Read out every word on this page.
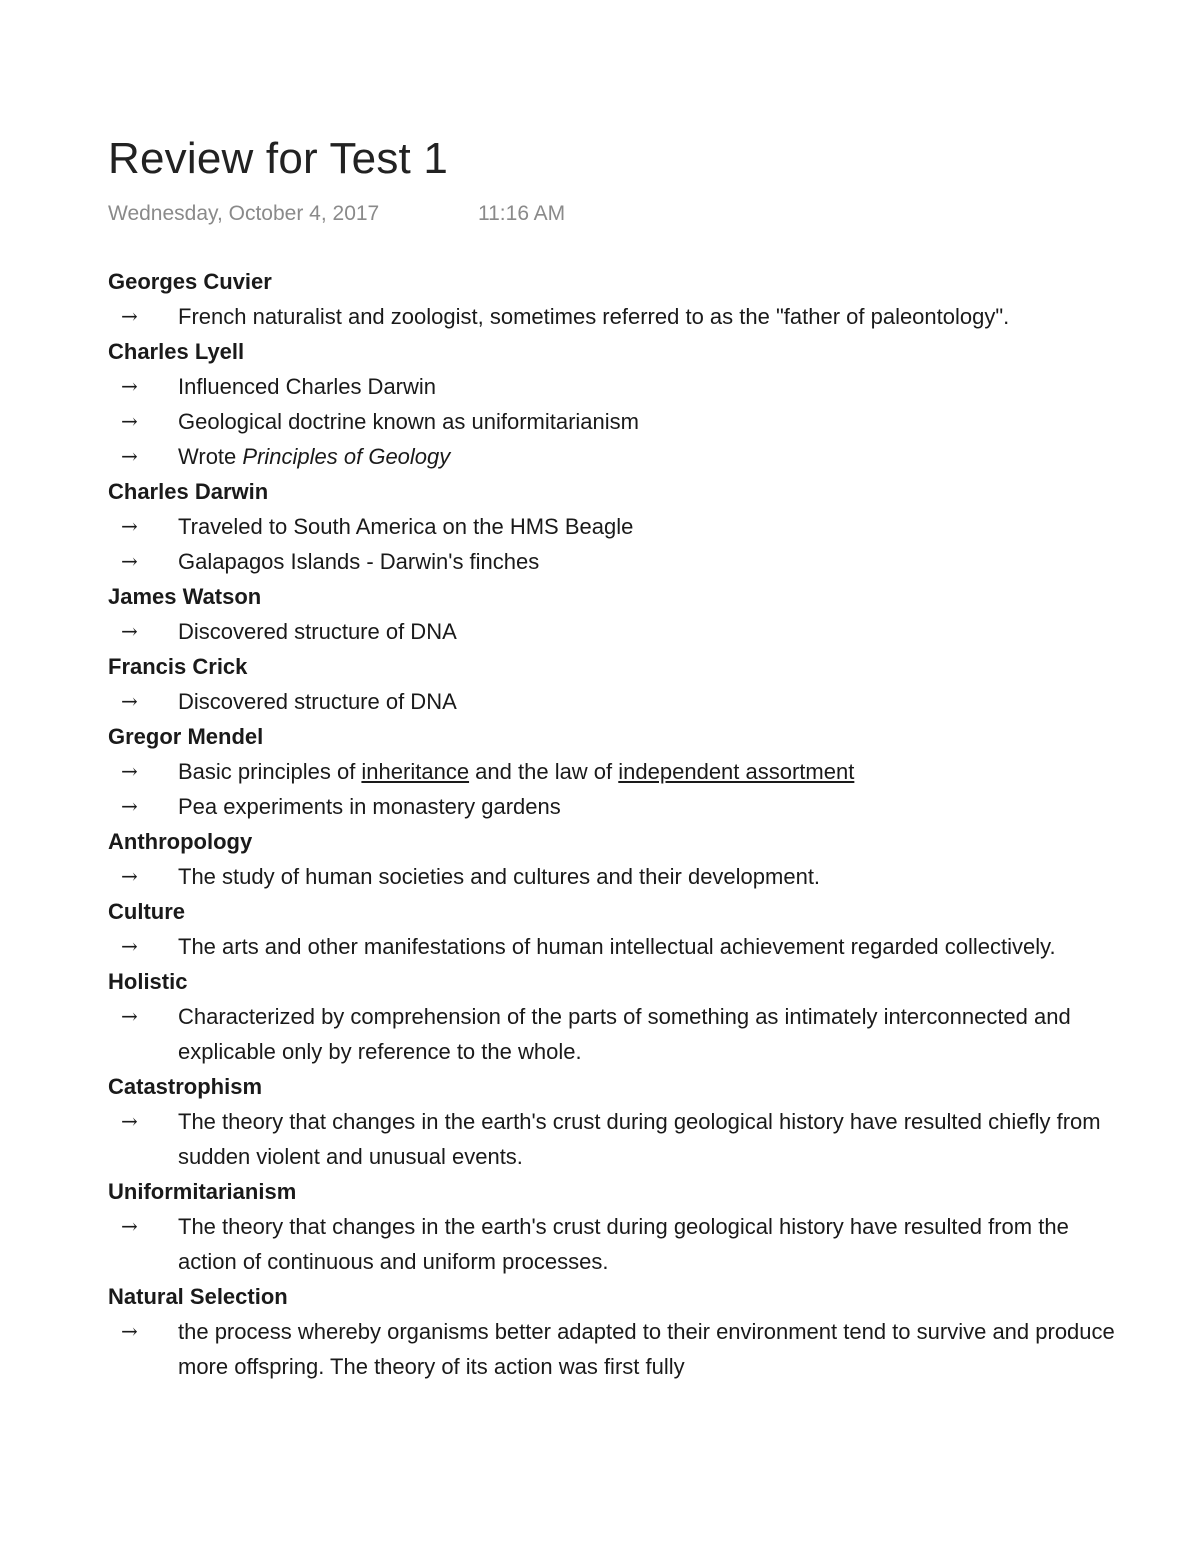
Review for Test 1
Wednesday, October 4, 2017	11:16 AM

Georges Cuvier

→ French naturalist and zoologist, sometimes referred to as the "father of paleontology".

Charles Lyell

→ Influenced Charles Darwin

→ Geological doctrine known as uniformitarianism

→ Wrote Principles of Geology

Charles Darwin

→ Traveled to South America on the HMS Beagle

→ Galapagos Islands - Darwin's finches

James Watson

→ Discovered structure of DNA

Francis Crick

→ Discovered structure of DNA

Gregor Mendel

→ Basic principles of inheritance and the law of independent assortment

→ Pea experiments in monastery gardens

Anthropology

→ The study of human societies and cultures and their development.

Culture

→ The arts and other manifestations of human intellectual achievement regarded collectively.

Holistic

→ Characterized by comprehension of the parts of something as intimately interconnected and explicable only by reference to the whole.

Catastrophism

→ The theory that changes in the earth's crust during geological history have resulted chiefly from sudden violent and unusual events.

Uniformitarianism

→ The theory that changes in the earth's crust during geological history have resulted from the action of continuous and uniform processes.

Natural Selection

→ the process whereby organisms better adapted to their environment tend to survive and produce more offspring. The theory of its action was first fully
